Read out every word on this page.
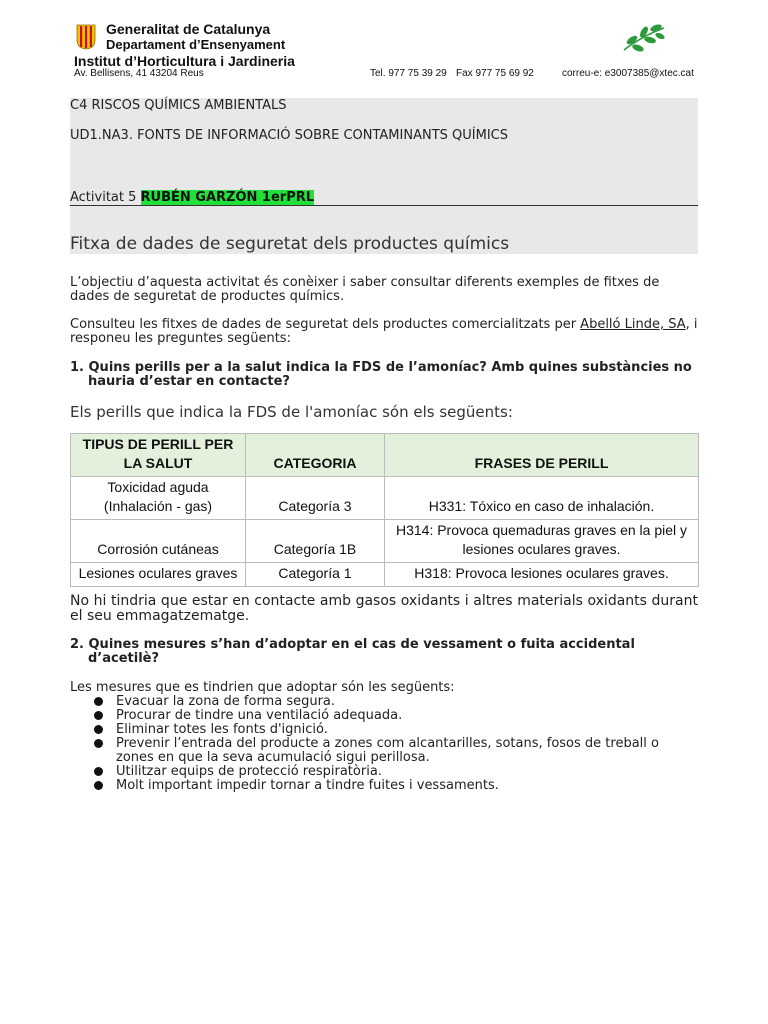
Generalitat de Catalunya
Departament d’Ensenyament
Institut d’Horticultura i Jardineria
Av. Bellisens, 41 43204 Reus	Tel. 977 75 39 29 Fax 977 75 69 92	correu-e: e3007385@xtec.cat
C4 RISCOS QUÍMICS AMBIENTALS
UD1.NA3. FONTS DE INFORMACIÓ SOBRE CONTAMINANTS QUÍMICS
Activitat 5 RUBÉN GARZÓN 1erPRL
Fitxa de dades de seguretat dels productes químics
L’objectiu d’aquesta activitat és conèixer i saber consultar diferents exemples de fitxes de dades de seguretat de productes químics.
Consulteu les fitxes de dades de seguretat dels productes comercialitzats per Abelló Linde, SA, i responeu les preguntes següents:
1. Quins perills per a la salut indica la FDS de l’amoníac? Amb quines substàncies no
hauria d’estar en contacte?
Els perills que indica la FDS de l'amoníac són els següents:
TIPUS DE PERILL PER LA SALUT	CATEGORIA	FRASES DE PERILL
Toxicidad aguda (Inhalación - gas)	Categoría 3	H331: Tóxico en caso de inhalación.
Corrosión cutáneas	Categoría 1B	H314: Provoca quemaduras graves en la piel y lesiones oculares graves.
Lesiones oculares graves	Categoría 1	H318: Provoca lesiones oculares graves.
No hi tindria que estar en contacte amb gasos oxidants i altres materials oxidants durant el seu emmagatzematge.
2. Quines mesures s’han d’adoptar en el cas de vessament o fuita accidental
d’acetilè?
Les mesures que es tindrien que adoptar són les següents:
Evacuar la zona de forma segura.
Procurar de tindre una ventilació adequada.
Eliminar totes les fonts d'ignició.
Prevenir l’entrada del producte a zones com alcantarilles, sotans, fosos de treball o zones en que la seva acumulació sigui perillosa.
Utilitzar equips de protecció respiratòria.
Molt important impedir tornar a tindre fuites i vessaments.
